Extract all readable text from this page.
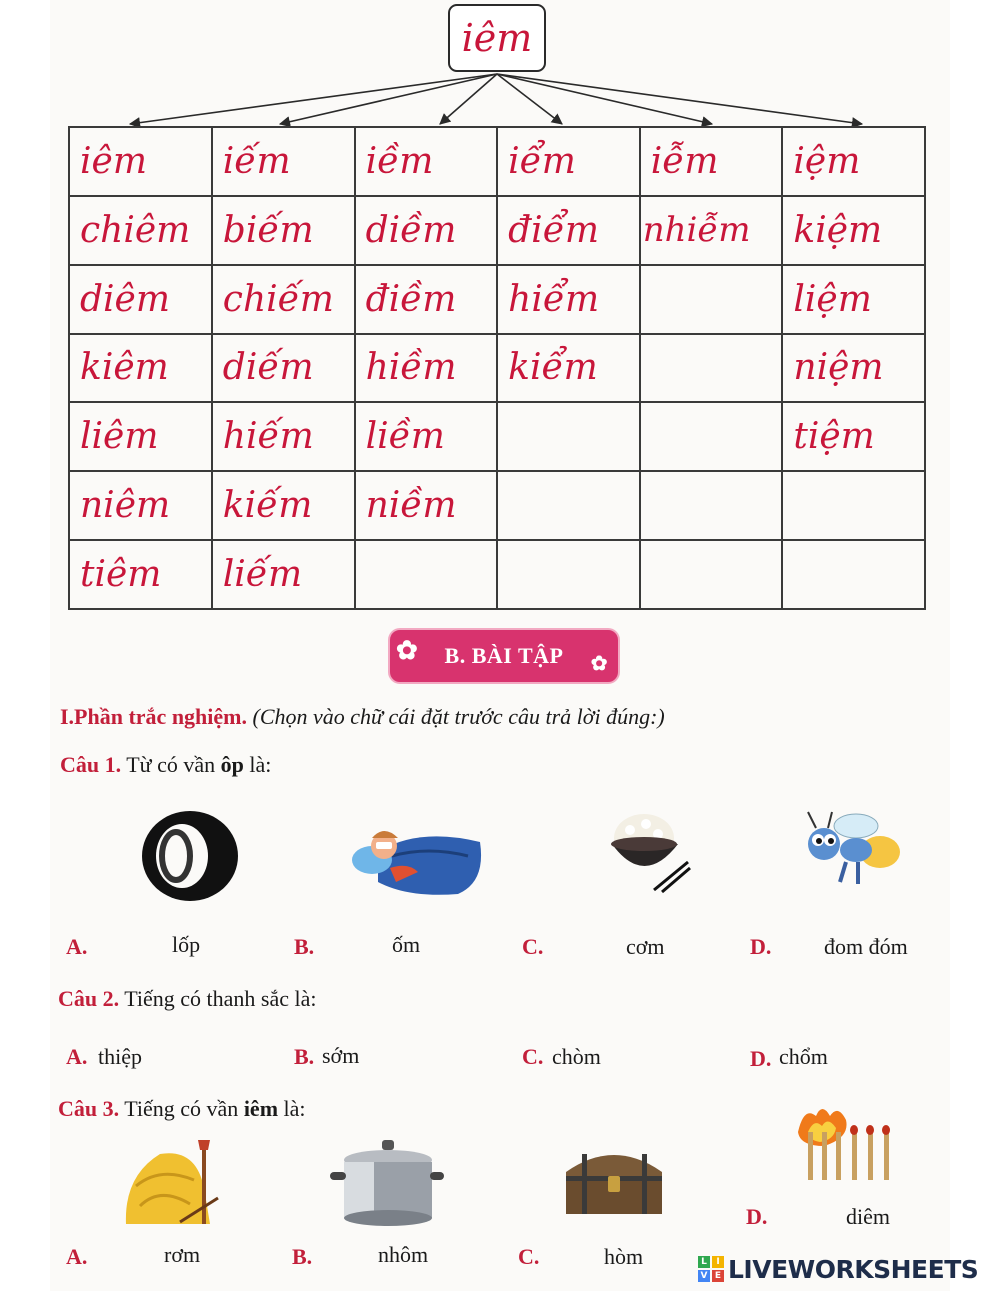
iêm
iêm	iếm	iềm	iểm	iễm	iệm
chiêm	biếm	diềm	điểm	nhiễm	kiệm
diêm	chiếm	điềm	hiểm		liệm
kiêm	diếm	hiềm	kiểm		niệm
liêm	hiếm	liềm			tiệm
niêm	kiếm	niềm			
tiêm	liếm				
✿ B. BÀI TẬP ✿
I.Phần trắc nghiệm. (Chọn vào chữ cái đặt trước câu trả lời đúng:)
Câu 1. Từ có vần ôp là:
A.	lốp	B.	ốm	C.	cơm	D. đom đóm
Câu 2. Tiếng có thanh sắc là:
A. thiệp	B. sớm	C. chòm	D. chổm
Câu 3. Tiếng có vần iêm là:
A.	rơm	B.	nhôm	C.	hòm
D.	diêm
L	I
V E LIVEWORKSHEETS
